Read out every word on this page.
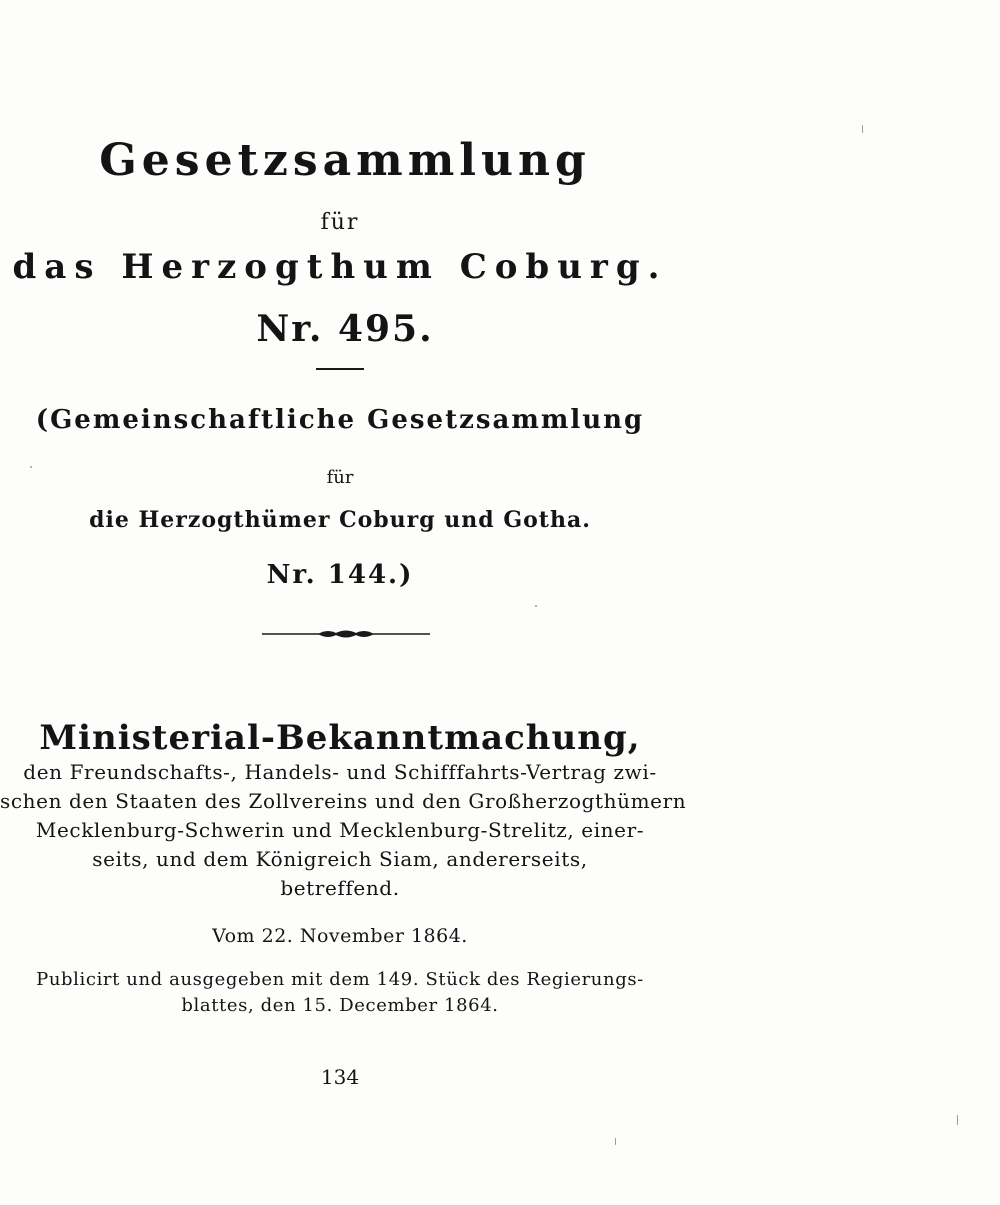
Gesetzsammlung
für
das Herzogthum Coburg.
Nr. 495.
(Gemeinschaftliche Gesetzsammlung
für
die Herzogthümer Coburg und Gotha.
Nr. 144.)
Ministerial-Bekanntmachung,
den Freundschafts-, Handels- und Schifffahrts-Vertrag zwi-
schen den Staaten des Zollvereins und den Großherzogthümern
Mecklenburg-Schwerin und Mecklenburg-Strelitz, einer-
seits, und dem Königreich Siam, andererseits,
betreffend.
Vom 22. November 1864.
Publicirt und ausgegeben mit dem 149. Stück des Regierungs-
blattes, den 15. December 1864.
134
